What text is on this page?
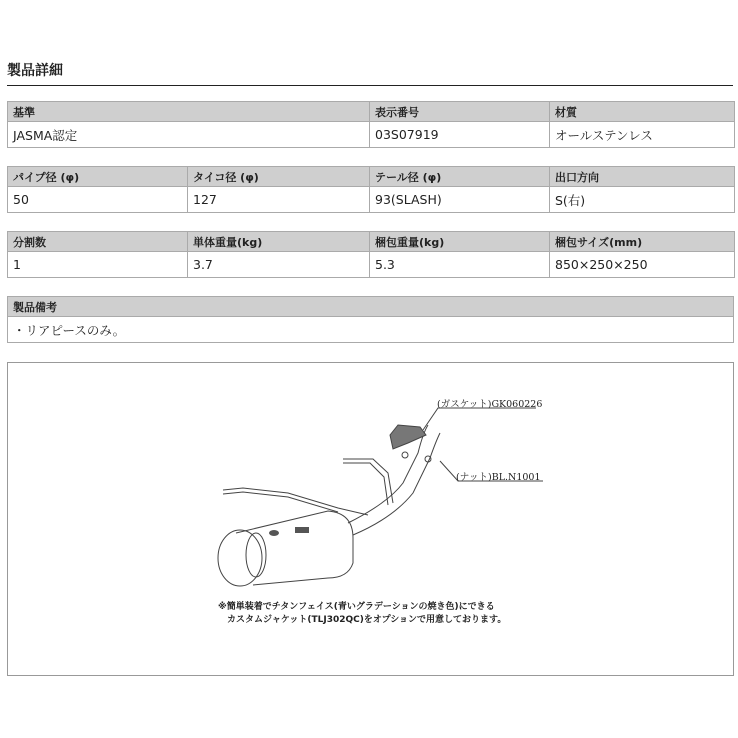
製品詳細
基準	表示番号	材質
JASMA認定	03S07919	オールステンレス
パイプ径 (φ)	タイコ径 (φ)	テール径 (φ)	出口方向
50	127	93(SLASH)	S(右)
分割数	単体重量(kg)	梱包重量(kg)	梱包サイズ(mm)
1	3.7	5.3	850×250×250
製品備考
・リアピースのみ。
(ガスケット)GK060226
(ナット)BL.N1001
※簡単装着でチタンフェイス(青いグラデーションの焼き色)にできる
カスタムジャケット(TLJ302QC)をオプションで用意しております。
